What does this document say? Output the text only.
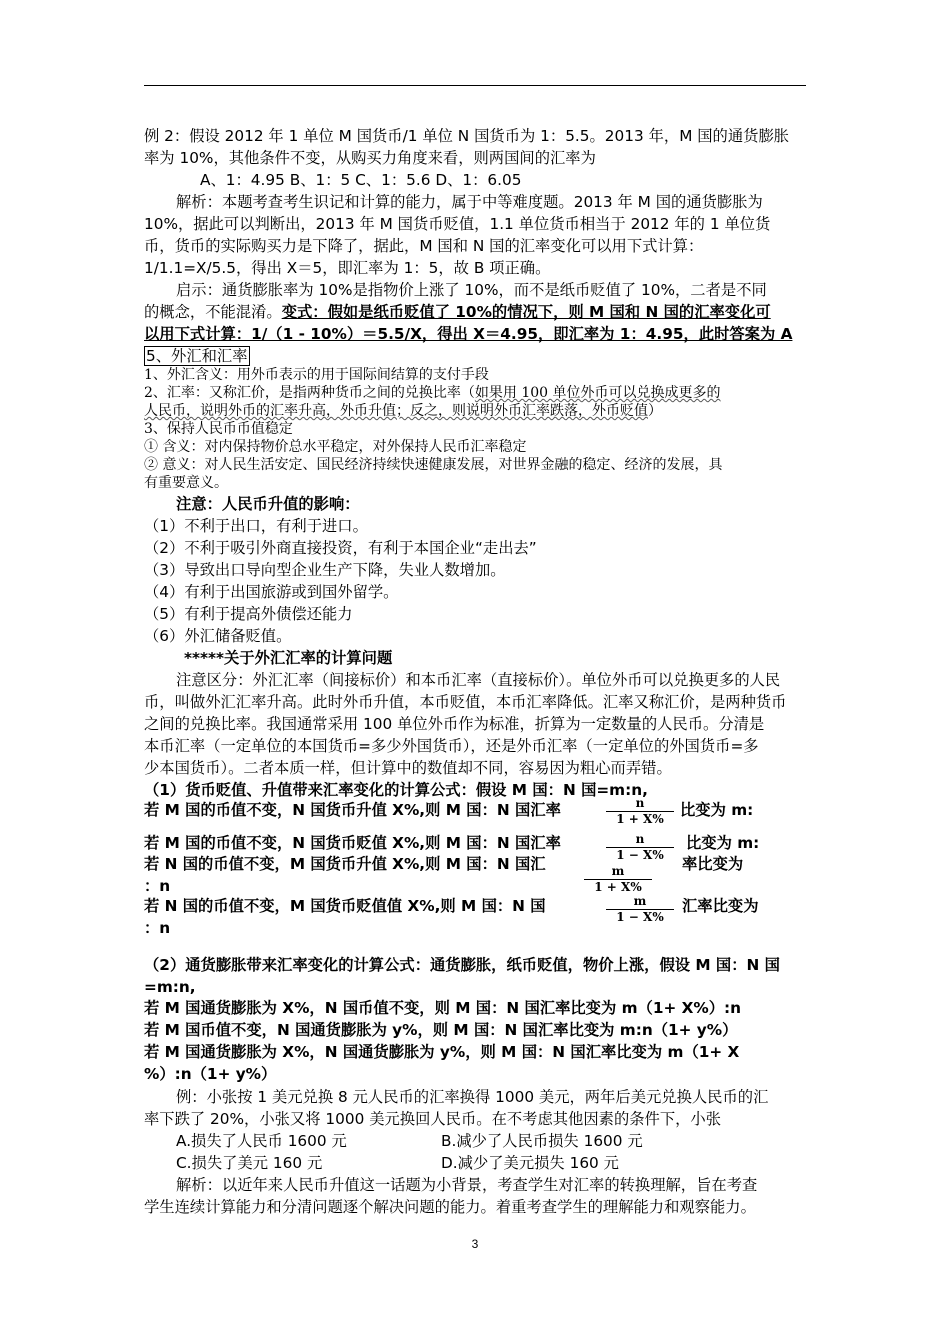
例 2：假设 2012 年 1 单位 M 国货币/1 单位 N 国货币为 1：5.5。2013 年，M 国的通货膨胀
率为 10%，其他条件不变，从购买力角度来看，则两国间的汇率为
A、1：4.95 B、1：5 C、1：5.6 D、1：6.05
解析：本题考查考生识记和计算的能力，属于中等难度题。2013 年 M 国的通货膨胀为
10%，据此可以判断出，2013 年 M 国货币贬值，1.1 单位货币相当于 2012 年的 1 单位货
币，货币的实际购买力是下降了，据此，M 国和 N 国的汇率变化可以用下式计算：
1/1.1=X/5.5，得出 X＝5，即汇率为 1：5，故 B 项正确。
启示：通货膨胀率为 10%是指物价上涨了 10%，而不是纸币贬值了 10%，二者是不同
的概念，不能混淆。变式：假如是纸币贬值了 10%的情况下，则 M 国和 N 国的汇率变化可
以用下式计算：1/（1 - 10%）＝5.5/X，得出 X＝4.95，即汇率为 1：4.95，此时答案为 A
5、外汇和汇率
1、外汇含义：用外币表示的用于国际间结算的支付手段
2、汇率：又称汇价，是指两种货币之间的兑换比率（如果用 100 单位外币可以兑换成更多的
人民币，说明外币的汇率升高，外币升值；反之，则说明外币汇率跌落，外币贬值）
3、保持人民币币值稳定
① 含义：对内保持物价总水平稳定，对外保持人民币汇率稳定
② 意义：对人民生活安定、国民经济持续快速健康发展，对世界金融的稳定、经济的发展，具
有重要意义。
注意：人民币升值的影响：
（1）不利于出口，有利于进口。
（2）不利于吸引外商直接投资，有利于本国企业“走出去”
（3）导致出口导向型企业生产下降，失业人数增加。
（4）有利于出国旅游或到国外留学。
（5）有利于提高外债偿还能力
（6）外汇储备贬值。
*****关于外汇汇率的计算问题
注意区分：外汇汇率（间接标价）和本币汇率（直接标价）。单位外币可以兑换更多的人民
币，叫做外汇汇率升高。此时外币升值，本币贬值，本币汇率降低。汇率又称汇价，是两种货币
之间的兑换比率。我国通常采用 100 单位外币作为标准，折算为一定数量的人民币。分清是
本币汇率（一定单位的本国货币=多少外国货币），还是外币汇率（一定单位的外国货币=多
少本国货币）。二者本质一样，但计算中的数值却不同，容易因为粗心而弄错。
（1）货币贬值、升值带来汇率变化的计算公式：假设 M 国：N 国=m:n,
若 M 国的币值不变，N 国货币升值 X%,则 M 国：N 国汇率	n
1 + X% 比变为 m:
若 M 国的币值不变，N 国货币贬值 X%,则 M 国：N 国汇率	n
1 − X%
比变为 m:
若 N 国的币值不变，M 国货币升值 X%,则 M 国：N 国汇	m
1 + X%
率比变为
：n
若 N 国的币值不变，M 国货币贬值值 X%,则 M 国：N 国	m
1 − X%
汇率比变为
：n
（2）通货膨胀带来汇率变化的计算公式：通货膨胀，纸币贬值，物价上涨，假设 M 国：N 国
=m:n,
若 M 国通货膨胀为 X%，N 国币值不变，则 M 国：N 国汇率比变为 m（1+ X%）:n
若 M 国币值不变，N 国通货膨胀为 y%，则 M 国：N 国汇率比变为 m:n（1+ y%）
若 M 国通货膨胀为 X%，N 国通货膨胀为 y%，则 M 国：N 国汇率比变为 m（1+ X
%）:n（1+ y%）
例：小张按 1 美元兑换 8 元人民币的汇率换得 1000 美元，两年后美元兑换人民币的汇
率下跌了 20%，小张又将 1000 美元换回人民币。在不考虑其他因素的条件下，小张
A.损失了人民币 1600 元	B.减少了人民币损失 1600 元
C.损失了美元 160 元	D.减少了美元损失 160 元
解析：以近年来人民币升值这一话题为小背景，考查学生对汇率的转换理解，旨在考查
学生连续计算能力和分清问题逐个解决问题的能力。着重考查学生的理解能力和观察能力。
3
